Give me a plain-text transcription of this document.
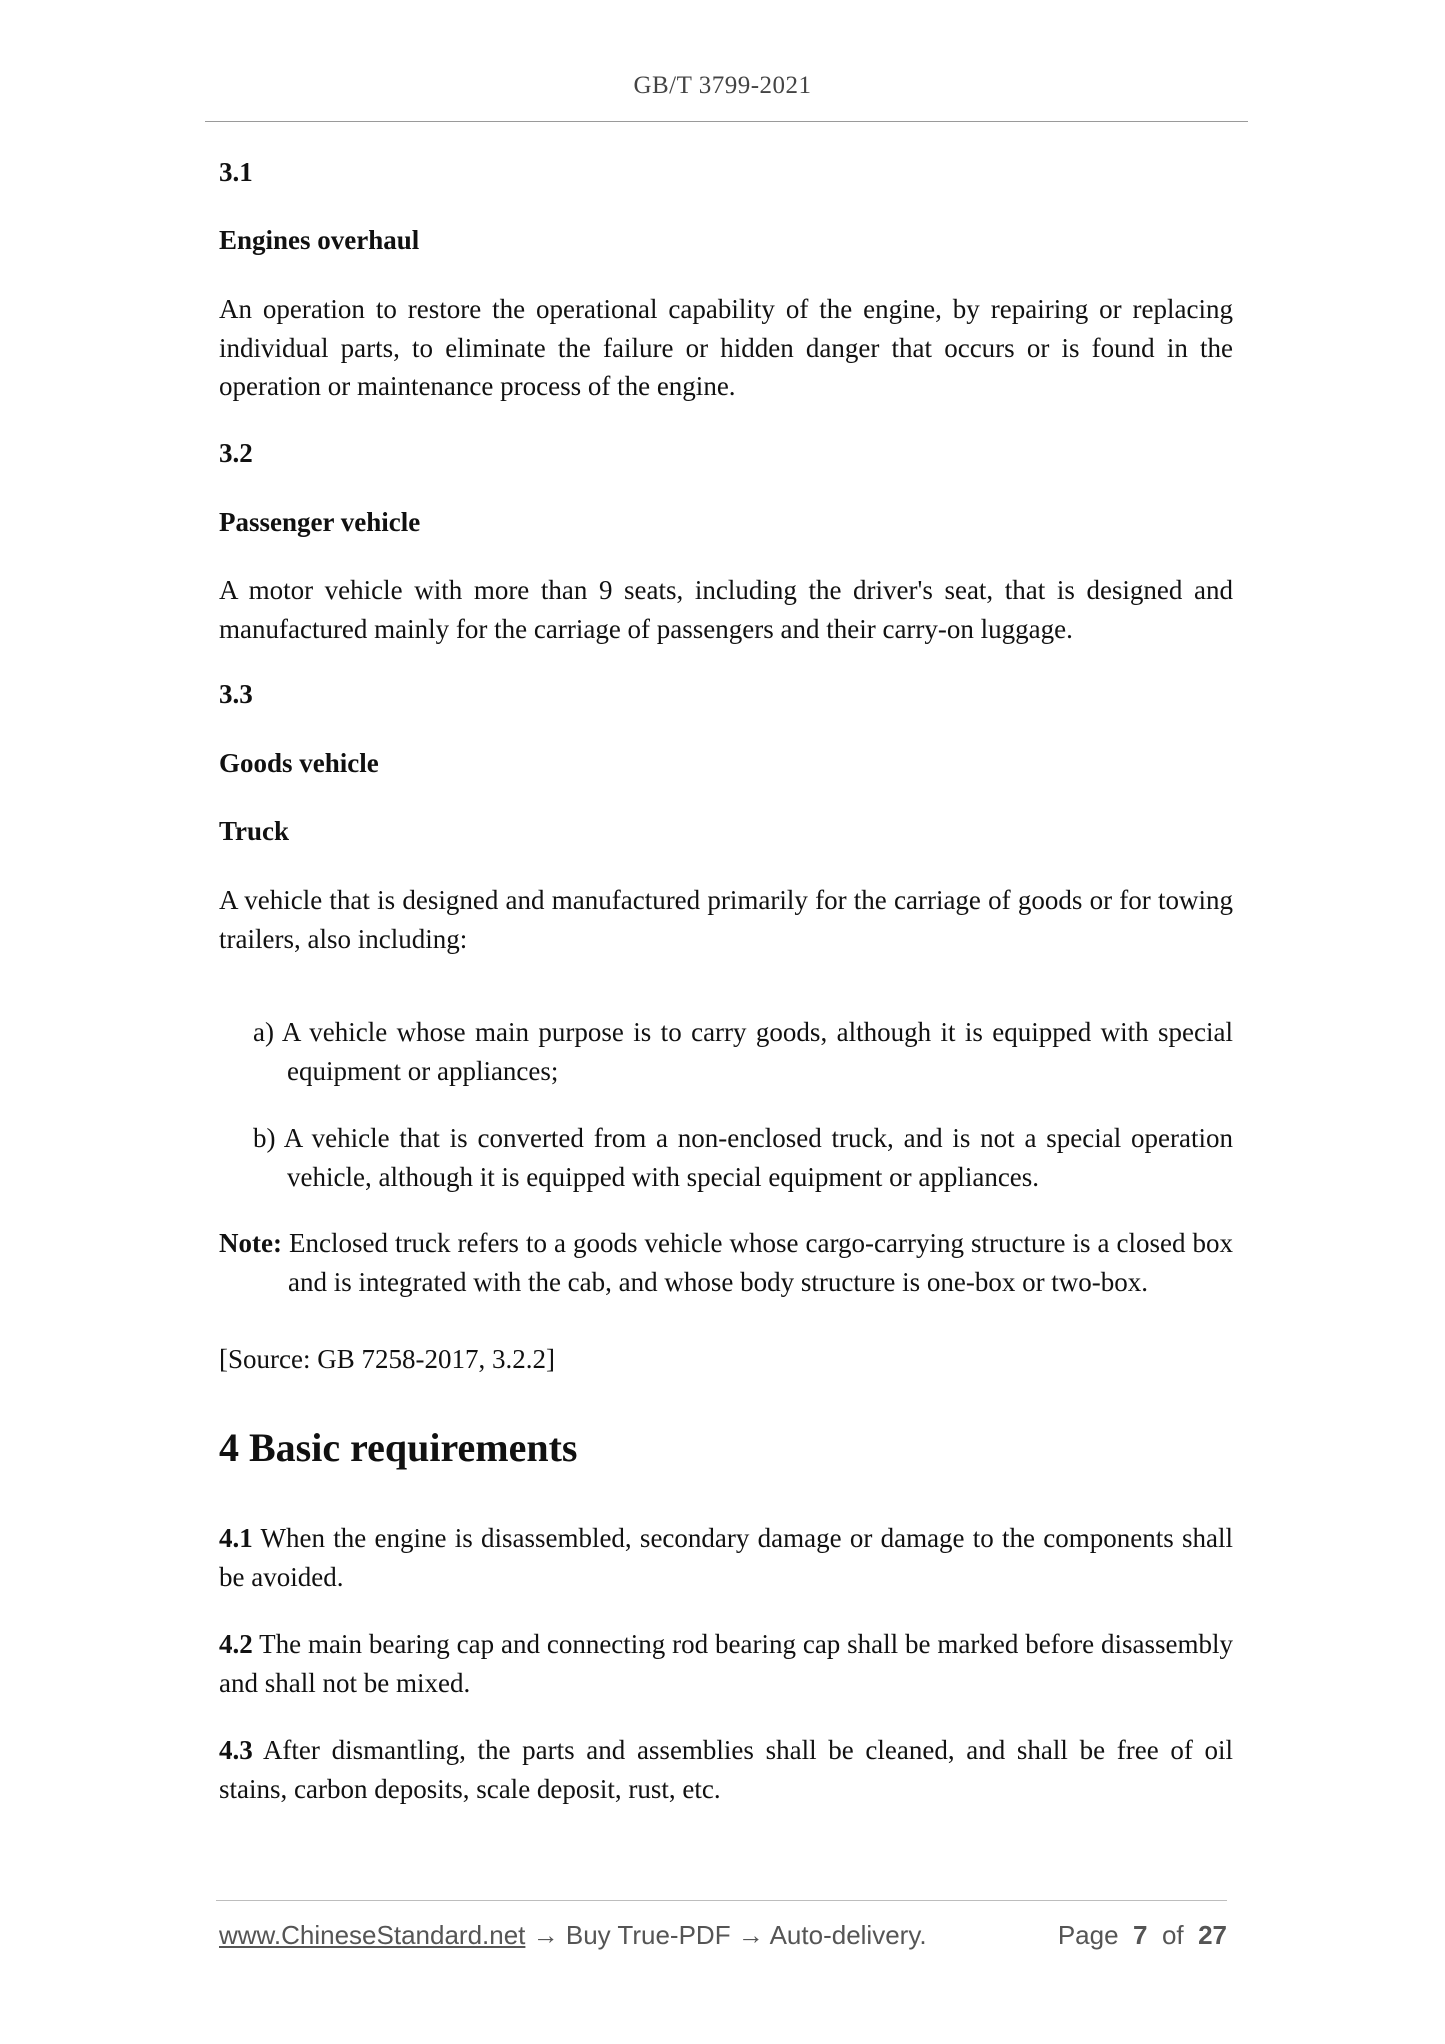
GB/T 3799-2021

3.1

Engines overhaul

An operation to restore the operational capability of the engine, by repairing or replacing individual parts, to eliminate the failure or hidden danger that occurs or is found in the operation or maintenance process of the engine.

3.2

Passenger vehicle

A motor vehicle with more than 9 seats, including the driver's seat, that is designed and manufactured mainly for the carriage of passengers and their carry-on luggage.

3.3

Goods vehicle

Truck

A vehicle that is designed and manufactured primarily for the carriage of goods or for towing trailers, also including:

a) A vehicle whose main purpose is to carry goods, although it is equipped with special equipment or appliances;

b) A vehicle that is converted from a non-enclosed truck, and is not a special operation vehicle, although it is equipped with special equipment or appliances.

Note: Enclosed truck refers to a goods vehicle whose cargo-carrying structure is a closed box and is integrated with the cab, and whose body structure is one-box or two-box.

[Source: GB 7258-2017, 3.2.2]

4 Basic requirements

4.1 When the engine is disassembled, secondary damage or damage to the components shall be avoided.

4.2 The main bearing cap and connecting rod bearing cap shall be marked before disassembly and shall not be mixed.

4.3 After dismantling, the parts and assemblies shall be cleaned, and shall be free of oil stains, carbon deposits, scale deposit, rust, etc.

www.ChineseStandard.net → Buy True-PDF → Auto-delivery.	Page 7 of 27
